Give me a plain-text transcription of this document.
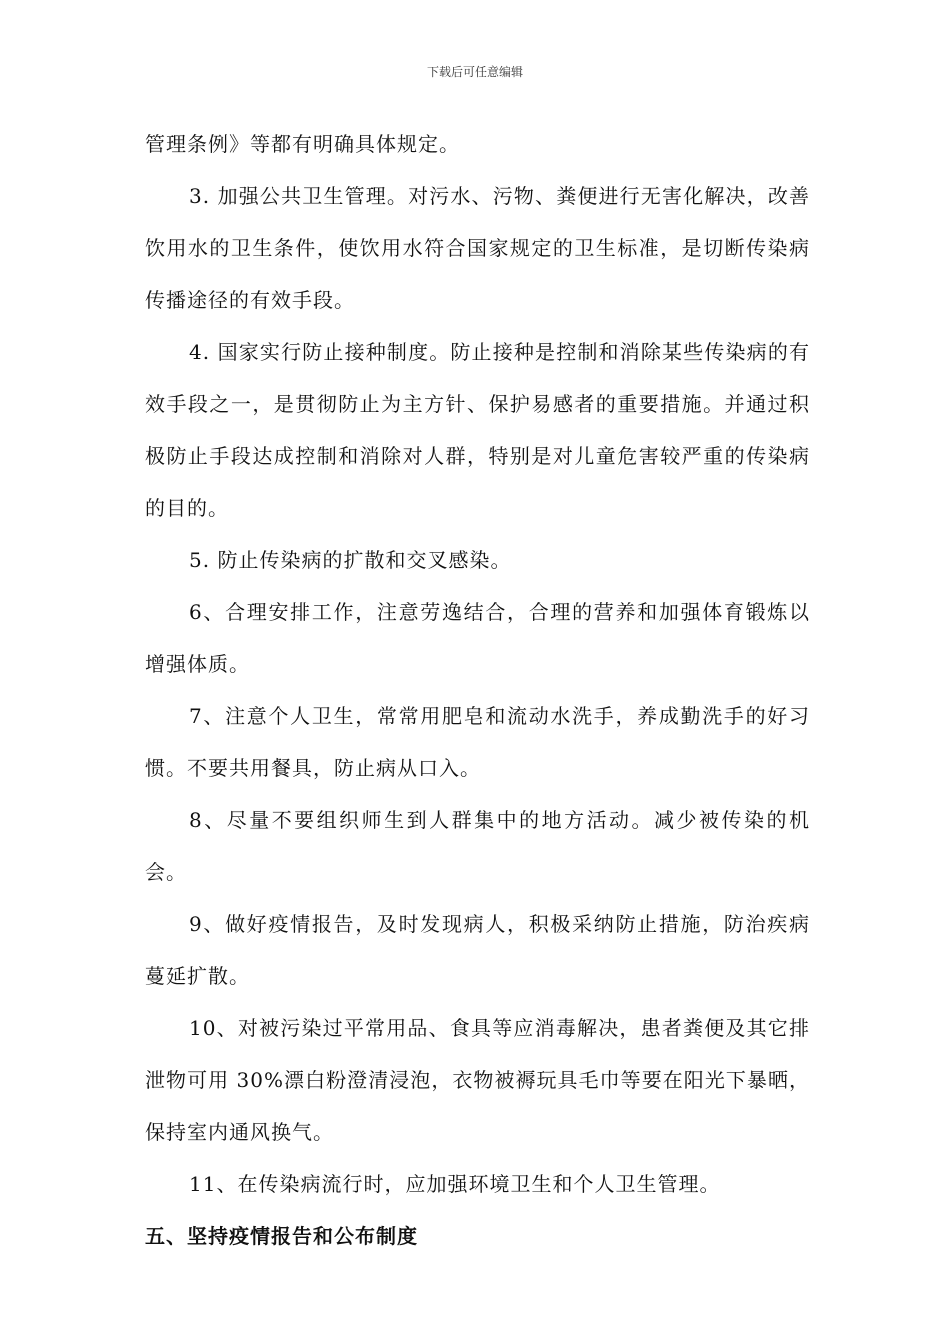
下载后可任意编辑

管理条例》等都有明确具体规定。

3. 加强公共卫生管理。对污水、污物、粪便进行无害化解决，改善饮用水的卫生条件，使饮用水符合国家规定的卫生标准，是切断传染病传播途径的有效手段。

4. 国家实行防止接种制度。防止接种是控制和消除某些传染病的有效手段之一，是贯彻防止为主方针、保护易感者的重要措施。并通过积极防止手段达成控制和消除对人群，特别是对儿童危害较严重的传染病的目的。

5. 防止传染病的扩散和交叉感染。

6、合理安排工作，注意劳逸结合，合理的营养和加强体育锻炼以增强体质。

7、注意个人卫生，常常用肥皂和流动水洗手，养成勤洗手的好习惯。不要共用餐具，防止病从口入。

8、尽量不要组织师生到人群集中的地方活动。减少被传染的机会。

9、做好疫情报告，及时发现病人，积极采纳防止措施，防治疾病蔓延扩散。

10、对被污染过平常用品、食具等应消毒解决，患者粪便及其它排泄物可用 30%漂白粉澄清浸泡，衣物被褥玩具毛巾等要在阳光下暴晒，保持室内通风换气。

11、在传染病流行时，应加强环境卫生和个人卫生管理。

五、坚持疫情报告和公布制度
